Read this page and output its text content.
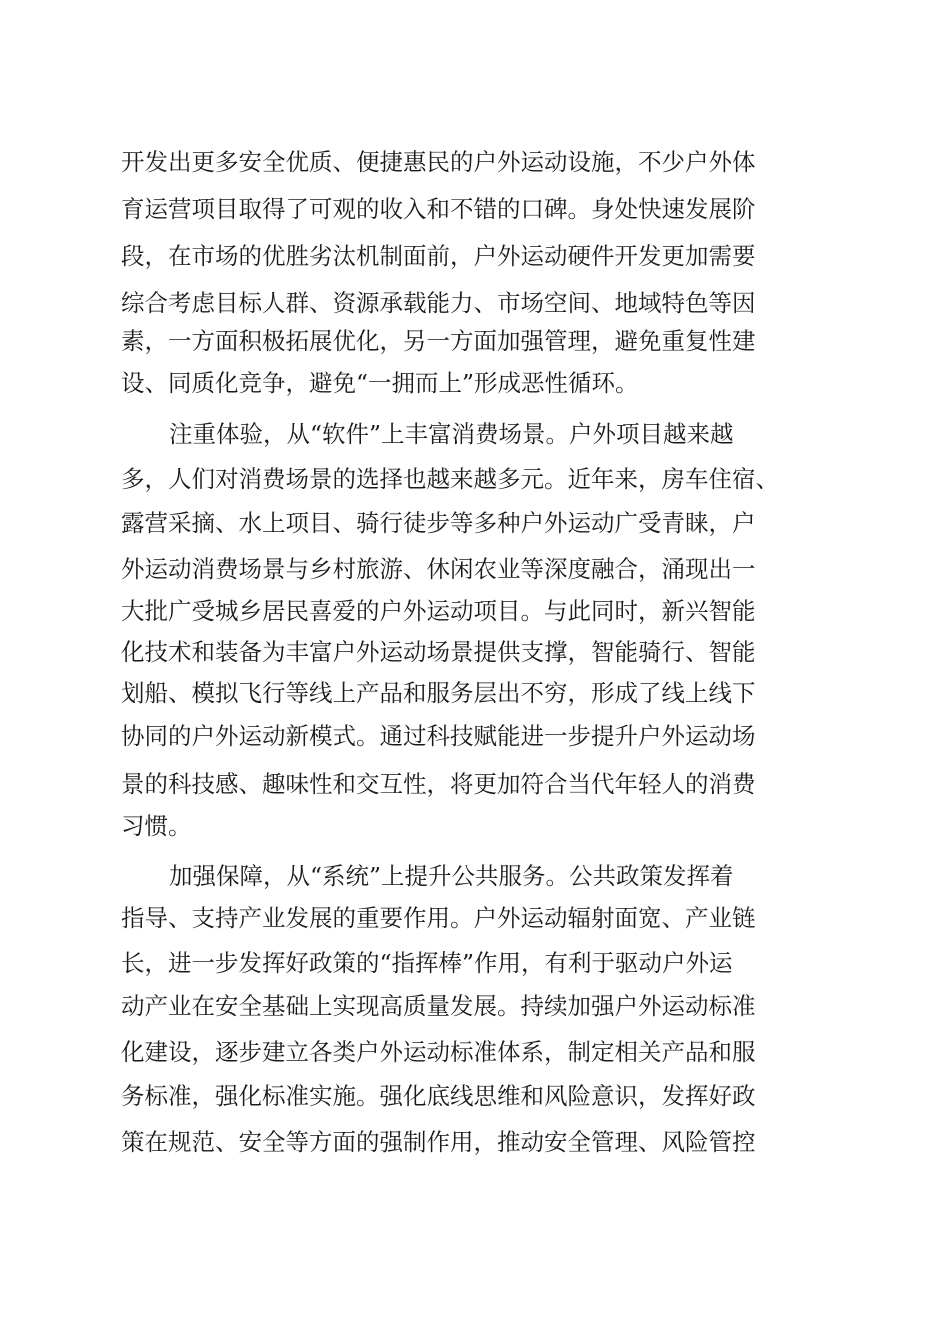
开发出更多安全优质、便捷惠民的户外运动设施，不少户外体
育运营项目取得了可观的收入和不错的口碑。身处快速发展阶
段，在市场的优胜劣汰机制面前，户外运动硬件开发更加需要
综合考虑目标人群、资源承载能力、市场空间、地域特色等因
素，一方面积极拓展优化，另一方面加强管理，避免重复性建
设、同质化竞争，避免“一拥而上”形成恶性循环。
注重体验，从“软件”上丰富消费场景。户外项目越来越
多，人们对消费场景的选择也越来越多元。近年来，房车住宿、
露营采摘、水上项目、骑行徒步等多种户外运动广受青睐，户
外运动消费场景与乡村旅游、休闲农业等深度融合，涌现出一
大批广受城乡居民喜爱的户外运动项目。与此同时，新兴智能
化技术和装备为丰富户外运动场景提供支撑，智能骑行、智能
划船、模拟飞行等线上产品和服务层出不穷，形成了线上线下
协同的户外运动新模式。通过科技赋能进一步提升户外运动场
景的科技感、趣味性和交互性，将更加符合当代年轻人的消费
习惯。
加强保障，从“系统”上提升公共服务。公共政策发挥着
指导、支持产业发展的重要作用。户外运动辐射面宽、产业链
长，进一步发挥好政策的“指挥棒”作用，有利于驱动户外运
动产业在安全基础上实现高质量发展。持续加强户外运动标准
化建设，逐步建立各类户外运动标准体系，制定相关产品和服
务标准，强化标准实施。强化底线思维和风险意识，发挥好政
策在规范、安全等方面的强制作用，推动安全管理、风险管控
